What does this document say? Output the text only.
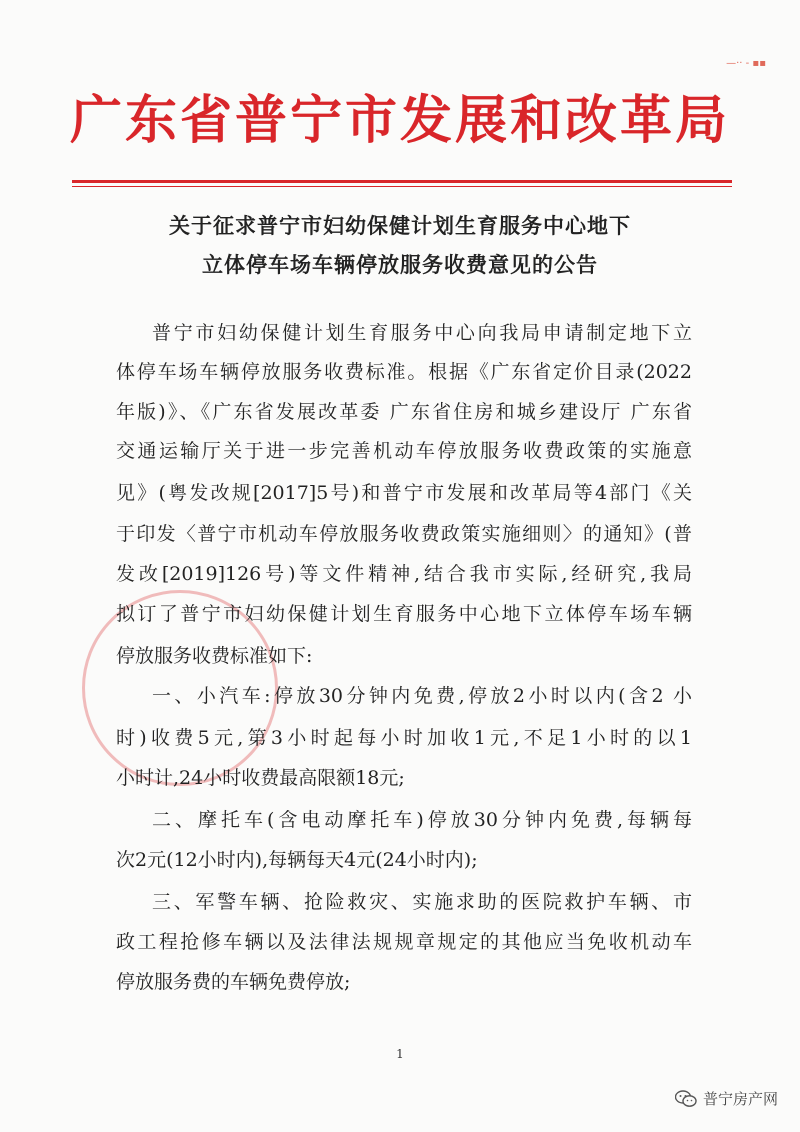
—·· - ▪▪
广东省普宁市发展和改革局
关于征求普宁市妇幼保健计划生育服务中心地下
立体停车场车辆停放服务收费意见的公告
普宁市妇幼保健计划生育服务中心向我局申请制定地下立
体停车场车辆停放服务收费标准。根据《广东省定价目录(2022
年版)》、《广东省发展改革委 广东省住房和城乡建设厅 广东省
交通运输厅关于进一步完善机动车停放服务收费政策的实施意
见》(粤发改规[2017]5号)和普宁市发展和改革局等4部门《关
于印发〈普宁市机动车停放服务收费政策实施细则〉的通知》(普
发改[2019]126号)等文件精神,结合我市实际,经研究,我局
拟订了普宁市妇幼保健计划生育服务中心地下立体停车场车辆
停放服务收费标准如下:
一、小汽车:停放30分钟内免费,停放2小时以内(含2 小
时)收费5元,第3小时起每小时加收1元,不足1小时的以1
小时计,24小时收费最高限额18元;
二、摩托车(含电动摩托车)停放30分钟内免费,每辆每
次2元(12小时内),每辆每天4元(24小时内);
三、军警车辆、抢险救灾、实施求助的医院救护车辆、市
政工程抢修车辆以及法律法规规章规定的其他应当免收机动车
停放服务费的车辆免费停放;
1
普宁房产网
